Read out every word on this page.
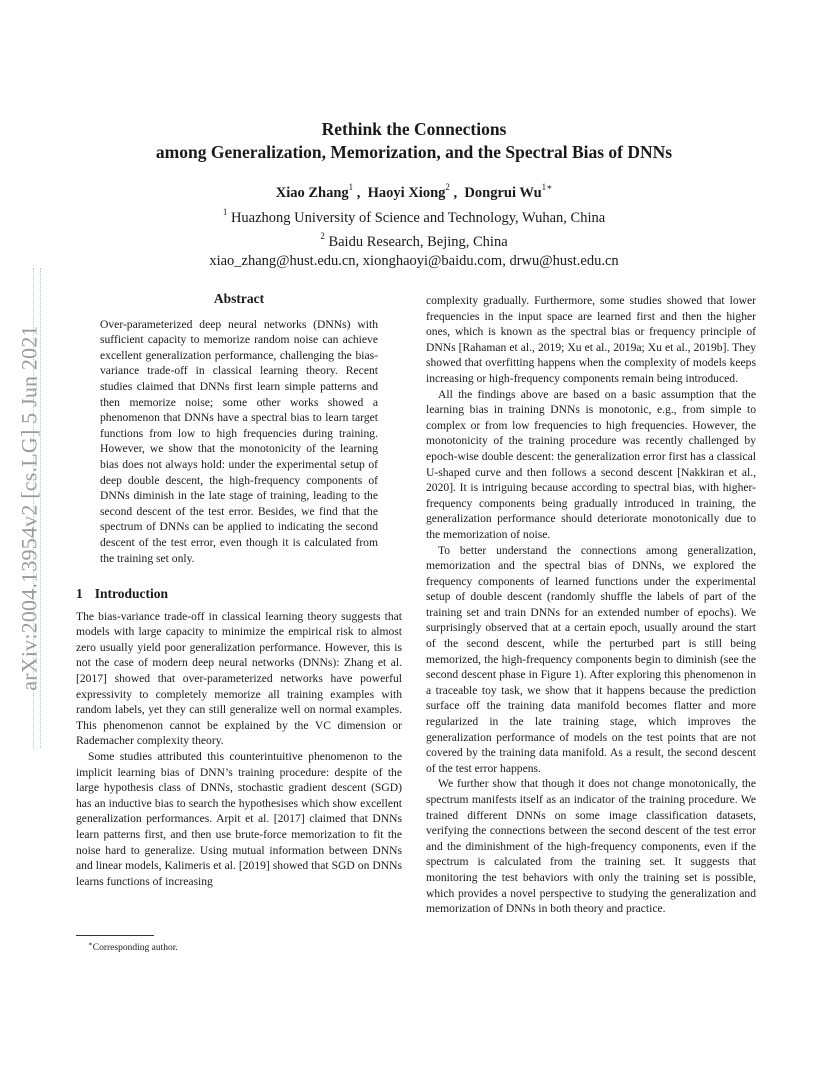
arXiv:2004.13954v2 [cs.LG] 5 Jun 2021
Rethink the Connections
among Generalization, Memorization, and the Spectral Bias of DNNs
Xiao Zhang$^1$ ,  Haoyi Xiong$^2$ ,  Dongrui $Wu^{1∗}$
$^1$ Huazhong University of Science and Technology, Wuhan, China
$^2$ Baidu Research, Bejing, China
xiao_zhang@hust.edu.cn, xionghaoyi@baidu.com, drwu@hust.edu.cn
Abstract

Over-parameterized deep neural networks (DNNs) with sufficient capacity to memorize random noise can achieve excellent generalization performance, challenging the bias-variance trade-off in classical learning theory. Recent studies claimed that DNNs first learn simple patterns and then memorize noise; some other works showed a phenomenon that DNNs have a spectral bias to learn target functions from low to high frequencies during training. However, we show that the monotonicity of the learning bias does not always hold: under the experimental setup of deep double descent, the high-frequency components of DNNs diminish in the late stage of training, leading to the second descent of the test error. Besides, we find that the spectrum of DNNs can be applied to indicating the second descent of the test error, even though it is calculated from the training set only.

1 Introduction

The bias-variance trade-off in classical learning theory suggests that models with large capacity to minimize the empirical risk to almost zero usually yield poor generalization performance. However, this is not the case of modern deep neural networks (DNNs): Zhang et al. [2017] showed that over-parameterized networks have powerful expressivity to completely memorize all training examples with random labels, yet they can still generalize well on normal examples. This phenomenon cannot be explained by the VC dimension or Rademacher complexity theory.

Some studies attributed this counterintuitive phenomenon to the implicit learning bias of DNN’s training procedure: despite of the large hypothesis class of DNNs, stochastic gradient descent (SGD) has an inductive bias to search the hypothesises which show excellent generalization performances. Arpit et al. [2017] claimed that DNNs learn patterns first, and then use brute-force memorization to fit the noise hard to generalize. Using mutual information between DNNs and linear models, Kalimeris et al. [2019] showed that SGD on DNNs learns functions of increasing

complexity gradually. Furthermore, some studies showed that lower frequencies in the input space are learned first and then the higher ones, which is known as the spectral bias or frequency principle of DNNs [Rahaman et al., 2019; Xu et al., 2019a; Xu et al., 2019b]. They showed that overfitting happens when the complexity of models keeps increasing or high-frequency components remain being introduced.

All the findings above are based on a basic assumption that the learning bias in training DNNs is monotonic, e.g., from simple to complex or from low frequencies to high frequencies. However, the monotonicity of the training procedure was recently challenged by epoch-wise double descent: the generalization error first has a classical U-shaped curve and then follows a second descent [Nakkiran et al., 2020]. It is intriguing because according to spectral bias, with higher-frequency components being gradually introduced in training, the generalization performance should deteriorate monotonically due to the memorization of noise.

To better understand the connections among generalization, memorization and the spectral bias of DNNs, we explored the frequency components of learned functions under the experimental setup of double descent (randomly shuffle the labels of part of the training set and train DNNs for an extended number of epochs). We surprisingly observed that at a certain epoch, usually around the start of the second descent, while the perturbed part is still being memorized, the high-frequency components begin to diminish (see the second descent phase in Figure 1). After exploring this phenomenon in a traceable toy task, we show that it happens because the prediction surface off the training data manifold becomes flatter and more regularized in the late training stage, which improves the generalization performance of models on the test points that are not covered by the training data manifold. As a result, the second descent of the test error happens.

We further show that though it does not change monotonically, the spectrum manifests itself as an indicator of the training procedure. We trained different DNNs on some image classification datasets, verifying the connections between the second descent of the test error and the diminishment of the high-frequency components, even if the spectrum is calculated from the training set. It suggests that monitoring the test behaviors with only the training set is possible, which provides a novel perspective to studying the generalization and memorization of DNNs in both theory and practice.

∗Corresponding author.
